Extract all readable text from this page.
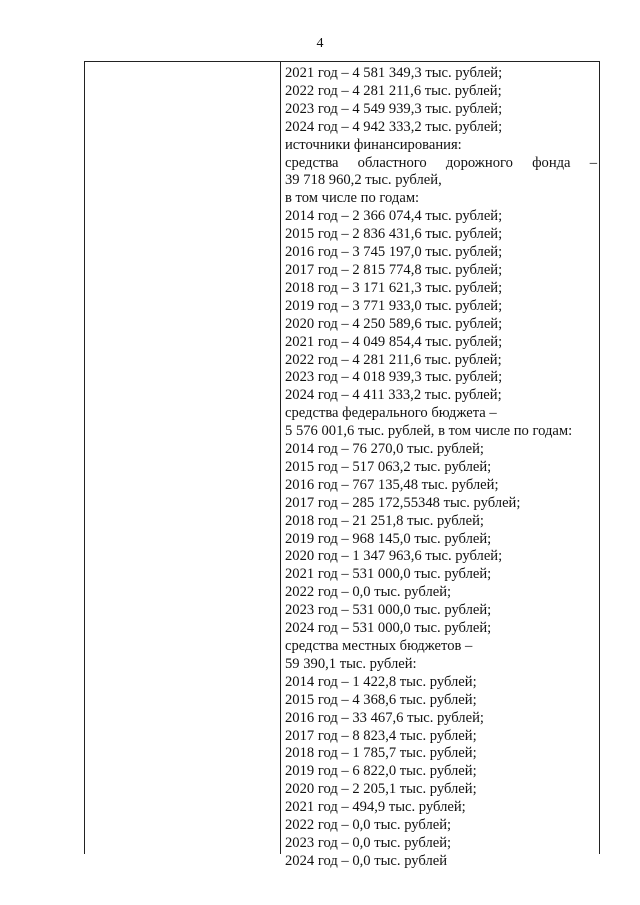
4
2021 год – 4 581 349,3 тыс. рублей;
2022 год – 4 281 211,6 тыс. рублей;
2023 год – 4 549 939,3 тыс. рублей;
2024 год – 4 942 333,2 тыс. рублей;
источники финансирования:
средства областного дорожного фонда –
39 718 960,2 тыс. рублей,
в том числе по годам:
2014 год – 2 366 074,4 тыс. рублей;
2015 год – 2 836 431,6 тыс. рублей;
2016 год – 3 745 197,0 тыс. рублей;
2017 год – 2 815 774,8 тыс. рублей;
2018 год – 3 171 621,3 тыс. рублей;
2019 год – 3 771 933,0 тыс. рублей;
2020 год – 4 250 589,6 тыс. рублей;
2021 год – 4 049 854,4 тыс. рублей;
2022 год – 4 281 211,6 тыс. рублей;
2023 год – 4 018 939,3 тыс. рублей;
2024 год – 4 411 333,2 тыс. рублей;
средства федерального бюджета –
5 576 001,6 тыс. рублей, в том числе по годам:
2014 год – 76 270,0 тыс. рублей;
2015 год – 517 063,2 тыс. рублей;
2016 год – 767 135,48 тыс. рублей;
2017 год – 285 172,55348 тыс. рублей;
2018 год – 21 251,8 тыс. рублей;
2019 год – 968 145,0 тыс. рублей;
2020 год – 1 347 963,6 тыс. рублей;
2021 год – 531 000,0 тыс. рублей;
2022 год – 0,0 тыс. рублей;
2023 год – 531 000,0 тыс. рублей;
2024 год – 531 000,0 тыс. рублей;
средства местных бюджетов –
59 390,1 тыс. рублей:
2014 год – 1 422,8 тыс. рублей;
2015 год – 4 368,6 тыс. рублей;
2016 год – 33 467,6 тыс. рублей;
2017 год – 8 823,4 тыс. рублей;
2018 год – 1 785,7 тыс. рублей;
2019 год – 6 822,0 тыс. рублей;
2020 год – 2 205,1 тыс. рублей;
2021 год – 494,9 тыс. рублей;
2022 год – 0,0 тыс. рублей;
2023 год – 0,0 тыс. рублей;
2024 год – 0,0 тыс. рублей
